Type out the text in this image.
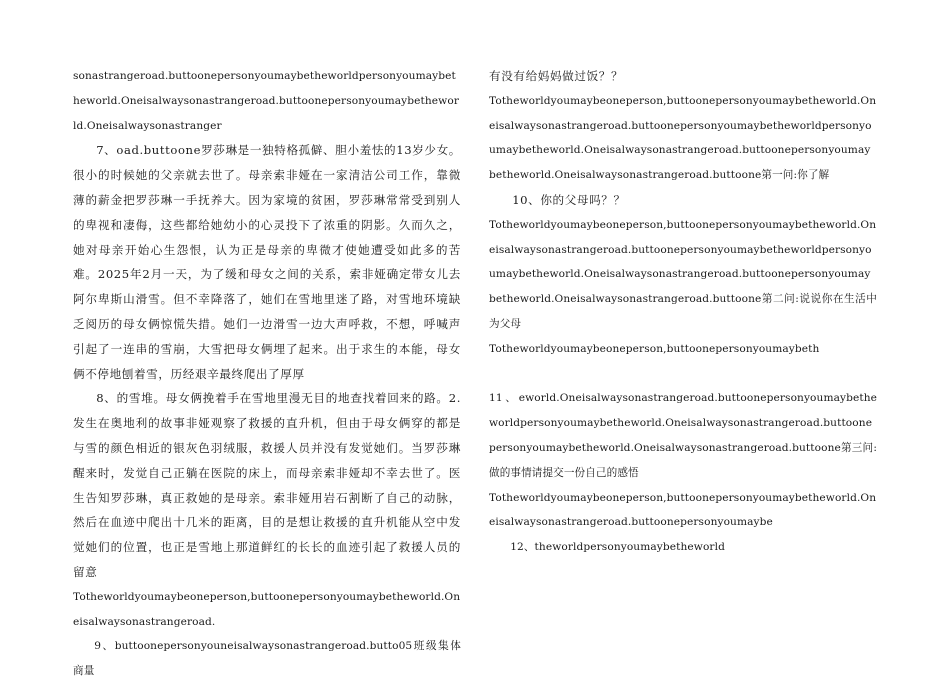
sonastrangeroad.buttoonepersonyoumaybetheworldpersonyoumaybetheworld.Oneisalwaysonastrangeroad.buttoonepersonyoumaybetheworld.Oneisalwaysonastranger

7、oad.buttoone罗莎琳是一独特格孤僻、胆小羞怯的13岁少女。很小的时候她的父亲就去世了。母亲索非娅在一家清洁公司工作，靠微薄的薪金把罗莎琳一手抚养大。因为家境的贫困，罗莎琳常常受到别人的卑视和凄侮，这些都给她幼小的心灵投下了浓重的阴影。久而久之，她对母亲开始心生怨恨，认为正是母亲的卑微才使她遭受如此多的苦难。2025年2月一天，为了缓和母女之间的关系，索非娅确定带女儿去阿尔卑斯山滑雪。但不幸降落了，她们在雪地里迷了路，对雪地环境缺乏阅历的母女俩惊慌失措。她们一边滑雪一边大声呼救，不想，呼喊声引起了一连串的雪崩，大雪把母女俩埋了起来。出于求生的本能，母女俩不停地刨着雪，历经艰辛最终爬出了厚厚

8、的雪堆。母女俩挽着手在雪地里漫无目的地查找着回来的路。2.发生在奥地利的故事非娅观察了救援的直升机，但由于母女俩穿的都是与雪的颜色相近的银灰色羽绒服，救援人员并没有发觉她们。当罗莎琳醒来时，发觉自己正躺在医院的床上，而母亲索非娅却不幸去世了。医生告知罗莎琳，真正救她的是母亲。索非娅用岩石割断了自己的动脉，然后在血迹中爬出十几米的距离，目的是想让救援的直升机能从空中发觉她们的位置，也正是雪地上那道鲜红的长长的血迹引起了救援人员的留意

Totheworldyoumaybeoneperson,buttoonepersonyoumaybetheworld.Oneisalwaysonastrangeroad.

9、buttoonepersonyouneisalwaysonastrangeroad.butto05班级集体商量

有没有给妈妈做过饭？？

Totheworldyoumaybeoneperson,buttoonepersonyoumaybetheworld.Oneisalwaysonastrangeroad.buttoonepersonyoumaybetheworldpersonyoumaybetheworld.Oneisalwaysonastrangeroad.buttoonepersonyoumaybetheworld.Oneisalwaysonastrangeroad.buttoone第一问:你了解

10、你的父母吗？？

Totheworldyoumaybeoneperson,buttoonepersonyoumaybetheworld.Oneisalwaysonastrangeroad.buttoonepersonyoumaybetheworldpersonyoumaybetheworld.Oneisalwaysonastrangeroad.buttoonepersonyoumaybetheworld.Oneisalwaysonastrangeroad.buttoone第二问:说说你在生活中为父母

Totheworldyoumaybeoneperson,buttoonepersonyoumaybeth

11、eworld.Oneisalwaysonastrangeroad.buttoonepersonyoumaybetheworldpersonyoumaybetheworld.Oneisalwaysonastrangeroad.buttoonepersonyoumaybetheworld.Oneisalwaysonastrangeroad.buttoone第三问:做的事情请提交一份自己的感悟

Totheworldyoumaybeoneperson,buttoonepersonyoumaybetheworld.Oneisalwaysonastrangeroad.buttoonepersonyoumaybe

12、theworldpersonyoumaybetheworld
